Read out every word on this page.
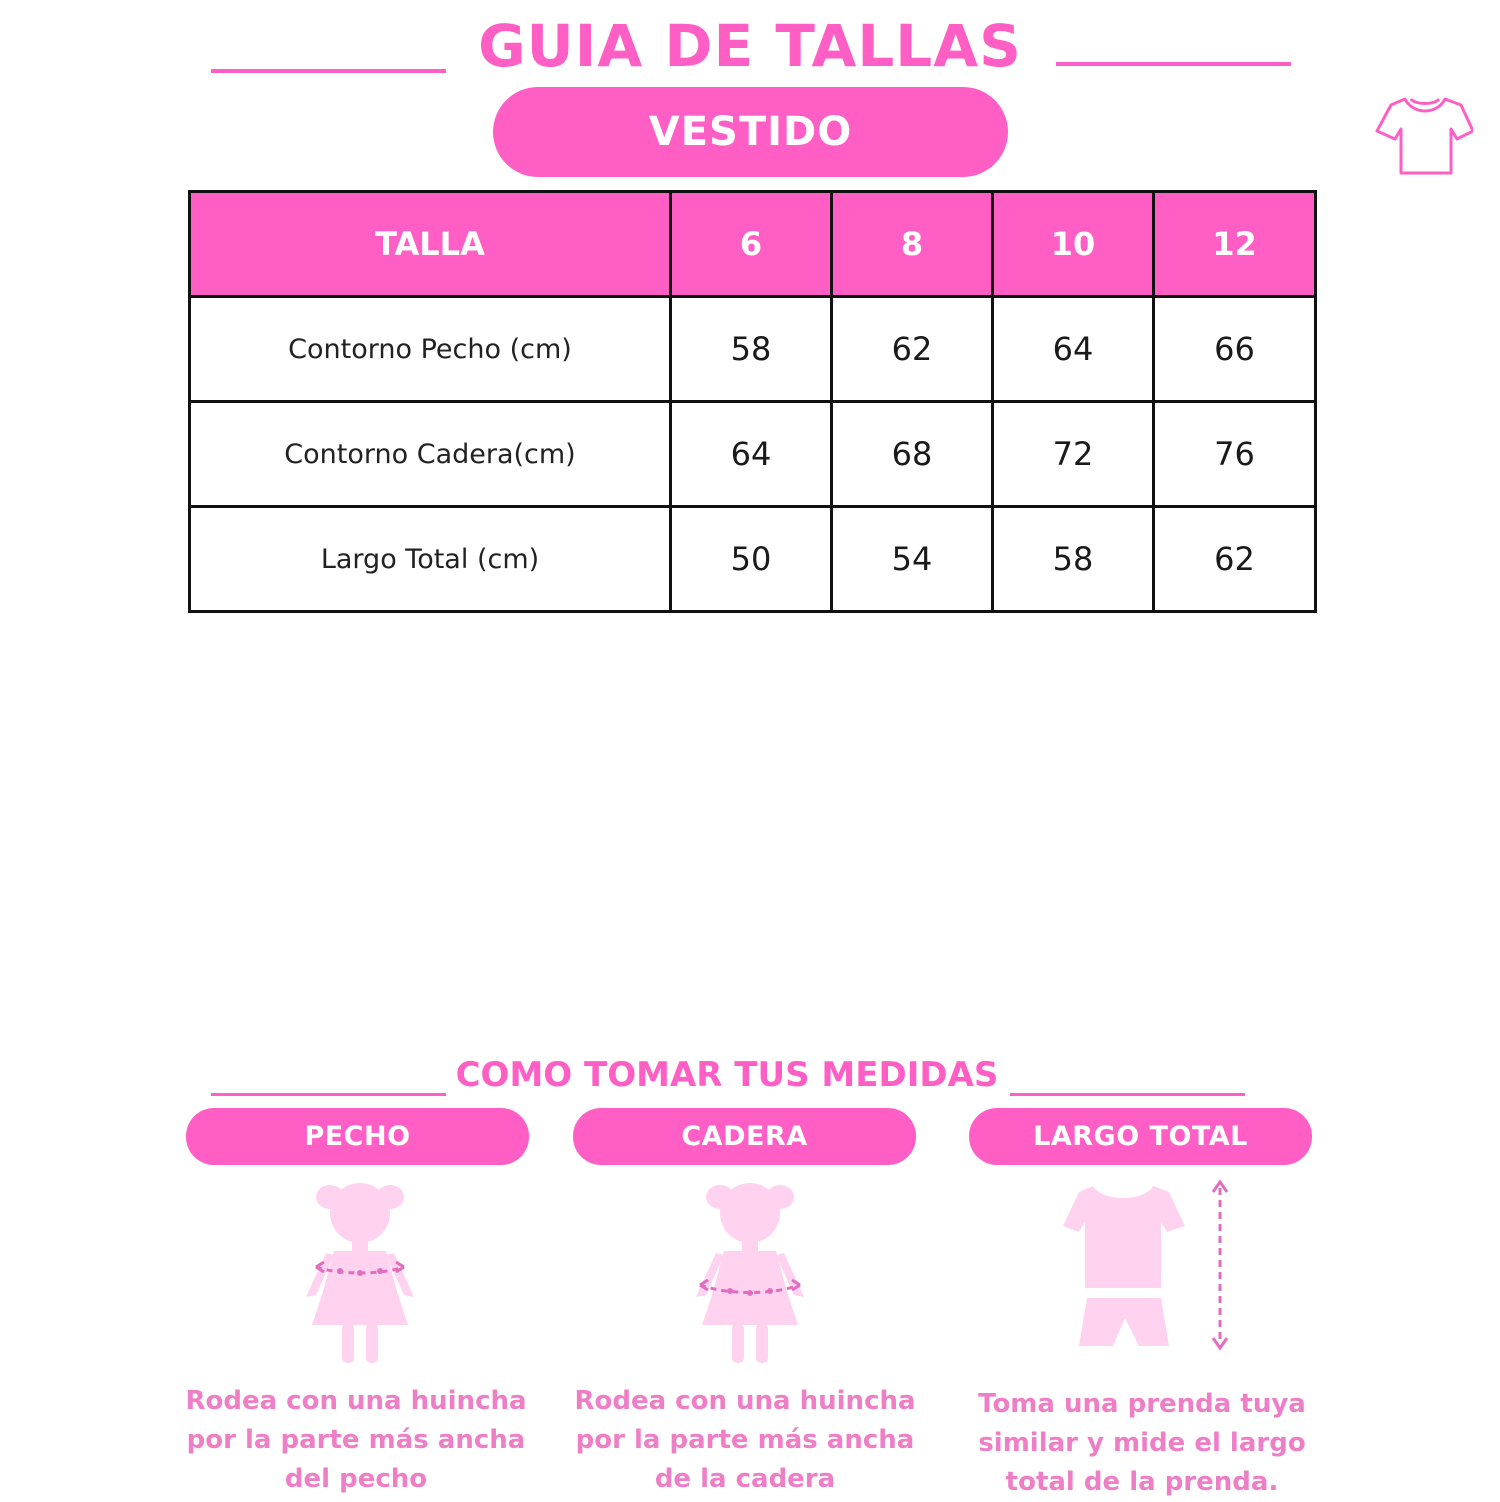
GUIA DE TALLAS
VESTIDO
TALLA	6	8	10	12
Contorno Pecho (cm)	58	62	64	66
Contorno Cadera(cm)	64	68	72	76
Largo Total (cm)	50	54	58	62
COMO TOMAR TUS MEDIDAS
PECHO	CADERA	LARGO TOTAL
Rodea con una huincha
por la parte más ancha
del pecho
Rodea con una huincha
por la parte más ancha
de la cadera
Toma una prenda tuya
similar y mide el largo
total de la prenda.
